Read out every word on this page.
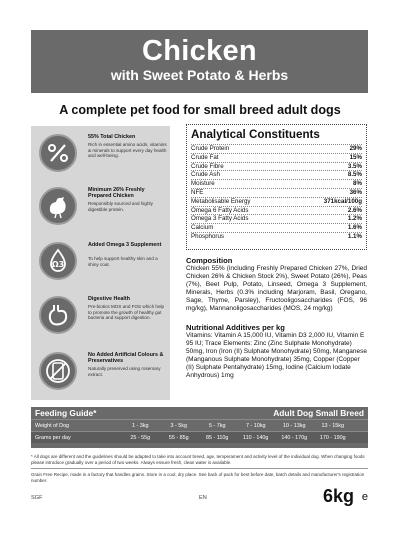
Chicken
with Sweet Potato & Herbs
A complete pet food for small breed adult dogs
55% Total Chicken
Rich in essential amino acids, vitamins & minerals to support every day health and well-being.
Minimum 26% Freshly Prepared Chicken
Responsibly sourced and highly digestible protein.
Ω3
Added Omega 3 Supplement
To help support healthy skin and a shiny coat.
Digestive Health
Pre-biotics MOS and FOS which help to promote the growth of healthy gut bacteria and support digestion.
No Added Artificial Colours & Preservatives
Naturally preserved using rosemary extract.
Analytical Constituents
Crude Protein	29%
Crude Fat	15%
Crude Fibre	3.5%
Crude Ash	8.5%
Moisture	8%
NFE	36%
Metabolisable Energy	371kcal/100g
Omega 6 Fatty Acids	2.6%
Omega 3 Fatty Acids	1.2%
Calcium	1.6%
Phosphorus	1.1%
Composition

Chicken 55% (including Freshly Prepared Chicken 27%, Dried Chicken 26% & Chicken Stock 2%), Sweet Potato (26%), Peas (7%), Beet Pulp, Potato, Linseed, Omega 3 Supplement, Minerals, Herbs (0.3% including Marjoram, Basil, Oregano, Sage, Thyme, Parsley), Fructooligosaccharides (FOS, 96 mg/kg), Mannanoligosaccharides (MOS, 24 mg/kg)

Nutritional Additives per kg

Vitamins: Vitamin A 15,000 IU, Vitamin D3 2,000 IU, Vitamin E 95 IU; Trace Elements: Zinc (Zinc Sulphate Monohydrate) 50mg, Iron (Iron (II) Sulphate Monohydrate) 50mg, Manganese (Manganous Sulphate Monohydrate) 35mg, Copper (Copper (II) Sulphate Pentahydrate) 15mg, Iodine (Calcium Iodate Anhydrous) 1mg

Feeding Guide*	Adult Dog Small Breed
Weight of Dog	1 - 3kg	3 - 5kg	5 - 7kg	7 - 10kg	10 - 13kg	13 - 15kg
Grams per day	25 - 55g	55 - 85g	85 - 110g	110 - 140g	140 - 170g	170 - 190g

* All dogs are different and the guidelines should be adapted to take into account breed, age, temperament and activity level of the individual dog. When changing foods please introduce gradually over a period of two weeks. Always ensure fresh, clean water is available.

Grain Free Recipe, made in a factory that handles grains. Store in a cool, dry place. See back of pack for best before date, batch details and manufacturer's registration number.

SGF	EN	6kg e
